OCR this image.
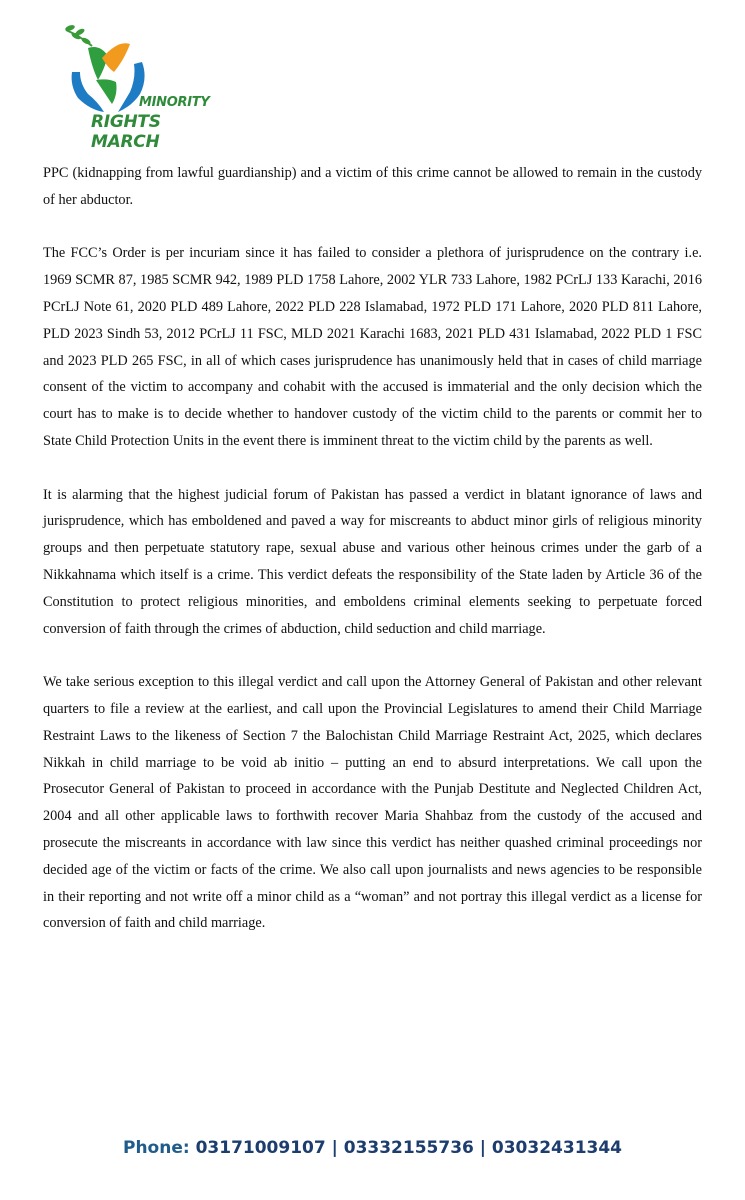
MINORITY
RIGHTS MARCH

PPC (kidnapping from lawful guardianship) and a victim of this crime cannot be allowed to remain in the custody of her abductor.

The FCC’s Order is per incuriam since it has failed to consider a plethora of jurisprudence on the contrary i.e. 1969 SCMR 87, 1985 SCMR 942, 1989 PLD 1758 Lahore, 2002 YLR 733 Lahore, 1982 PCrLJ 133 Karachi, 2016 PCrLJ Note 61, 2020 PLD 489 Lahore, 2022 PLD 228 Islamabad, 1972 PLD 171 Lahore, 2020 PLD 811 Lahore, PLD 2023 Sindh 53, 2012 PCrLJ 11 FSC, MLD 2021 Karachi 1683, 2021 PLD 431 Islamabad, 2022 PLD 1 FSC and 2023 PLD 265 FSC, in all of which cases jurisprudence has unanimously held that in cases of child marriage consent of the victim to accompany and cohabit with the accused is immaterial and the only decision which the court has to make is to decide whether to handover custody of the victim child to the parents or commit her to State Child Protection Units in the event there is imminent threat to the victim child by the parents as well.

It is alarming that the highest judicial forum of Pakistan has passed a verdict in blatant ignorance of laws and jurisprudence, which has emboldened and paved a way for miscreants to abduct minor girls of religious minority groups and then perpetuate statutory rape, sexual abuse and various other heinous crimes under the garb of a Nikkahnama which itself is a crime. This verdict defeats the responsibility of the State laden by Article 36 of the Constitution to protect religious minorities, and emboldens criminal elements seeking to perpetuate forced conversion of faith through the crimes of abduction, child seduction and child marriage.

We take serious exception to this illegal verdict and call upon the Attorney General of Pakistan and other relevant quarters to file a review at the earliest, and call upon the Provincial Legislatures to amend their Child Marriage Restraint Laws to the likeness of Section 7 the Balochistan Child Marriage Restraint Act, 2025, which declares Nikkah in child marriage to be void ab initio – putting an end to absurd interpretations. We call upon the Prosecutor General of Pakistan to proceed in accordance with the Punjab Destitute and Neglected Children Act, 2004 and all other applicable laws to forthwith recover Maria Shahbaz from the custody of the accused and prosecute the miscreants in accordance with law since this verdict has neither quashed criminal proceedings nor decided age of the victim or facts of the crime. We also call upon journalists and news agencies to be responsible in their reporting and not write off a minor child as a “woman” and not portray this illegal verdict as a license for conversion of faith and child marriage.

Phone: 03171009107 | 03332155736 | 03032431344
